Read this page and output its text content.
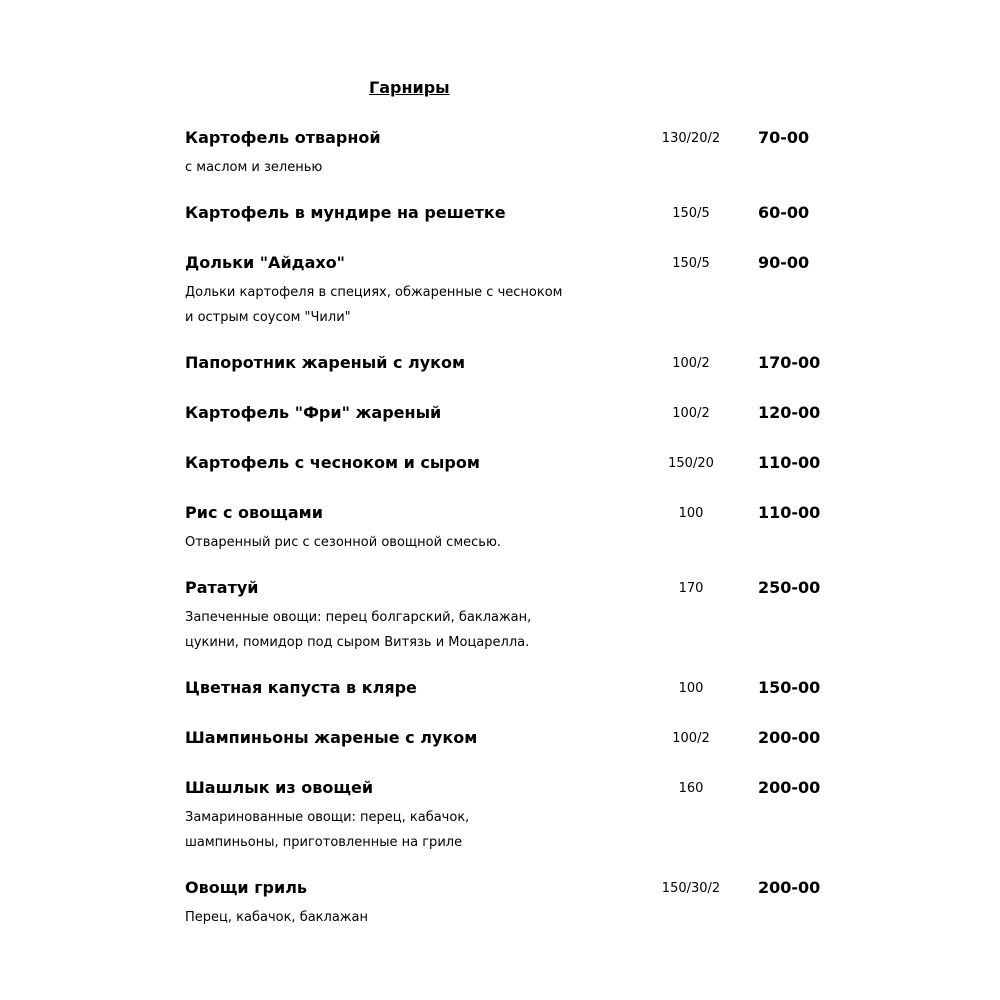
Гарниры
Картофель отварной	130/20/2	70-00
с маслом и зеленью
Картофель в мундире на решетке	150/5	60-00
Дольки "Айдахо"	150/5	90-00
Дольки картофеля в специях, обжаренные с чесноком
и острым соусом "Чили"
Папоротник жареный с луком	100/2	170-00
Картофель "Фри" жареный	100/2	120-00
Картофель с чесноком и сыром	150/20	110-00
Рис с овощами	100	110-00
Отваренный рис с сезонной овощной смесью.
Рататуй	170	250-00
Запеченные овощи: перец болгарский, баклажан,
цукини, помидор под сыром Витязь и Моцарелла.
Цветная капуста в кляре	100	150-00
Шампиньоны жареные с луком	100/2	200-00
Шашлык из овощей	160	200-00
Замаринованные овощи: перец, кабачок,
шампиньоны, приготовленные на гриле
Овощи гриль	150/30/2	200-00
Перец, кабачок, баклажан
